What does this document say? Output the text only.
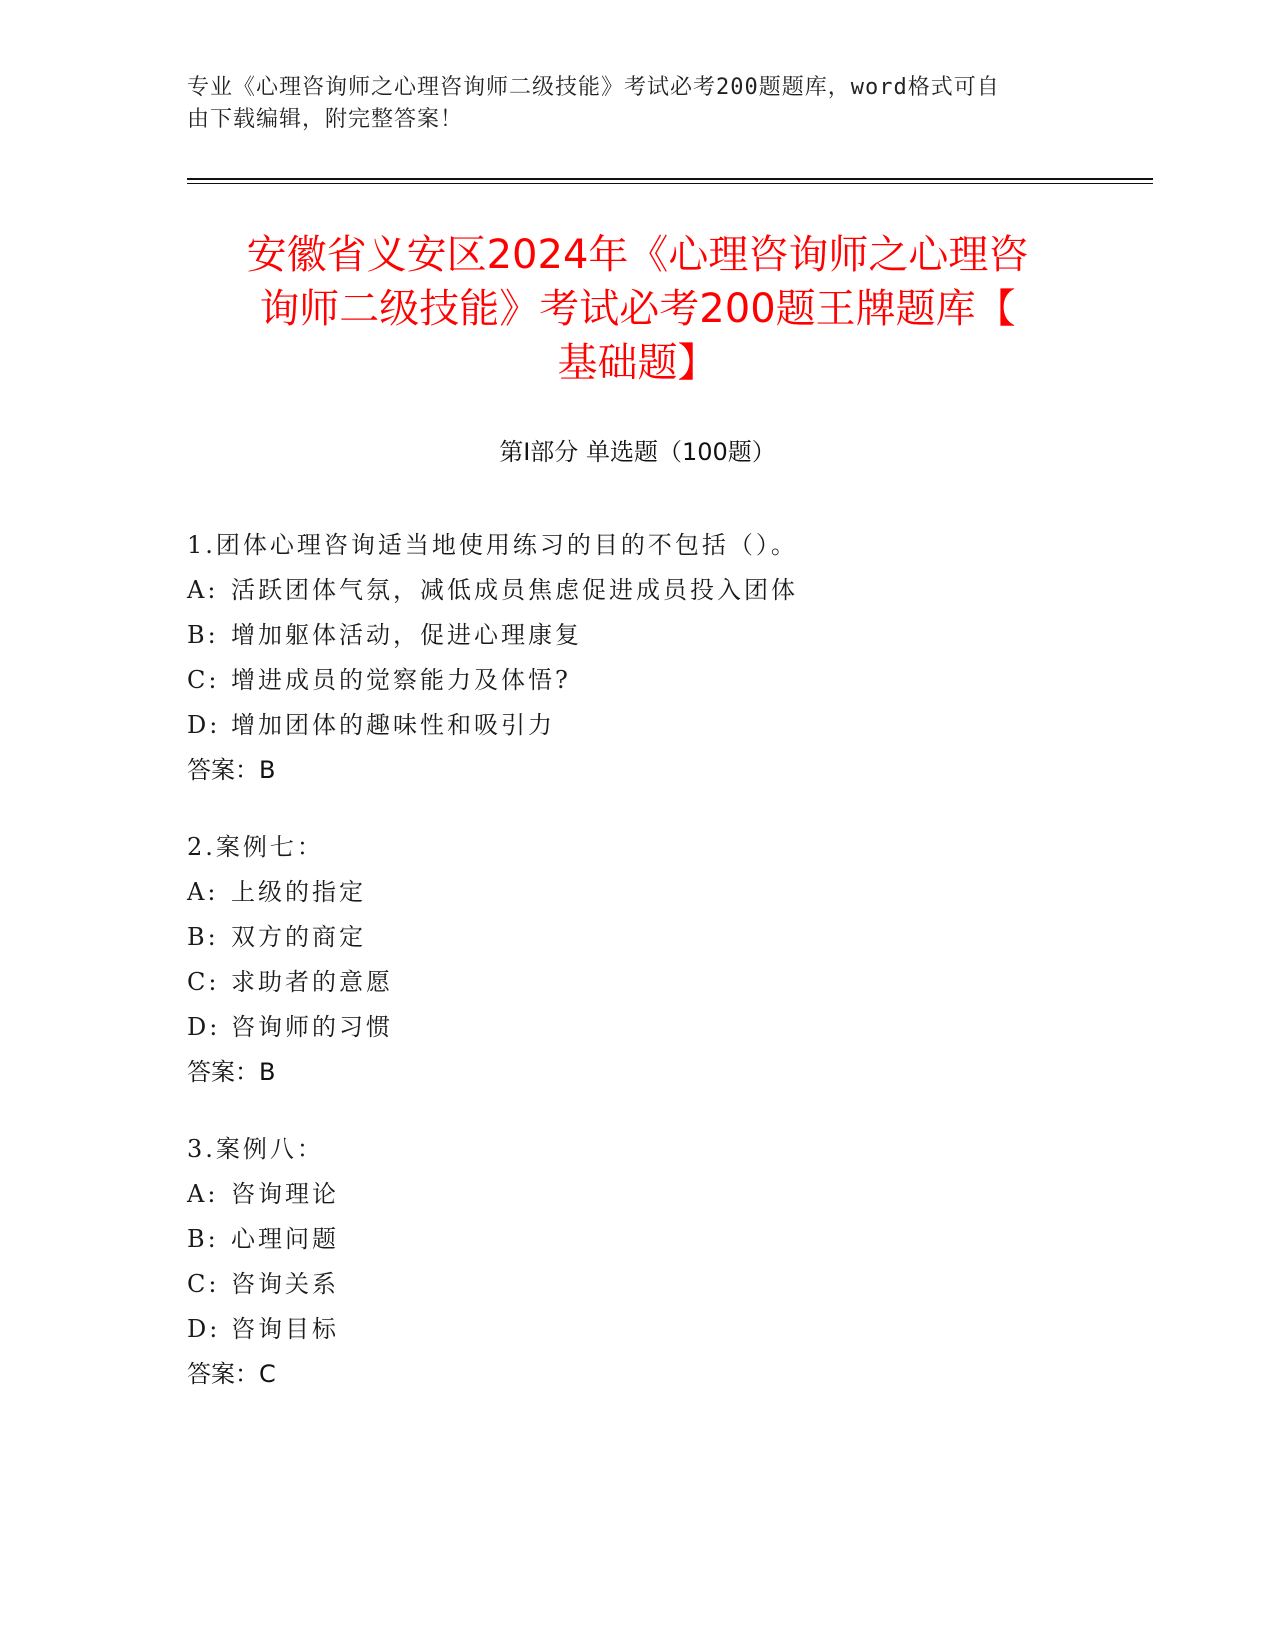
专业《心理咨询师之心理咨询师二级技能》考试必考200题题库，word格式可自
由下载编辑，附完整答案！
安徽省义安区2024年《心理咨询师之心理咨
询师二级技能》考试必考200题王牌题库【
基础题】
第Ⅰ部分 单选题（100题）
1.团体心理咨询适当地使用练习的目的不包括（）。
A: 活跃团体气氛，减低成员焦虑促进成员投入团体
B: 增加躯体活动，促进心理康复
C: 增进成员的觉察能力及体悟?
D: 增加团体的趣味性和吸引力
答案：B
2.案例七：
A: 上级的指定
B: 双方的商定
C: 求助者的意愿
D: 咨询师的习惯
答案：B
3.案例八：
A: 咨询理论
B: 心理问题
C: 咨询关系
D: 咨询目标
答案：C
